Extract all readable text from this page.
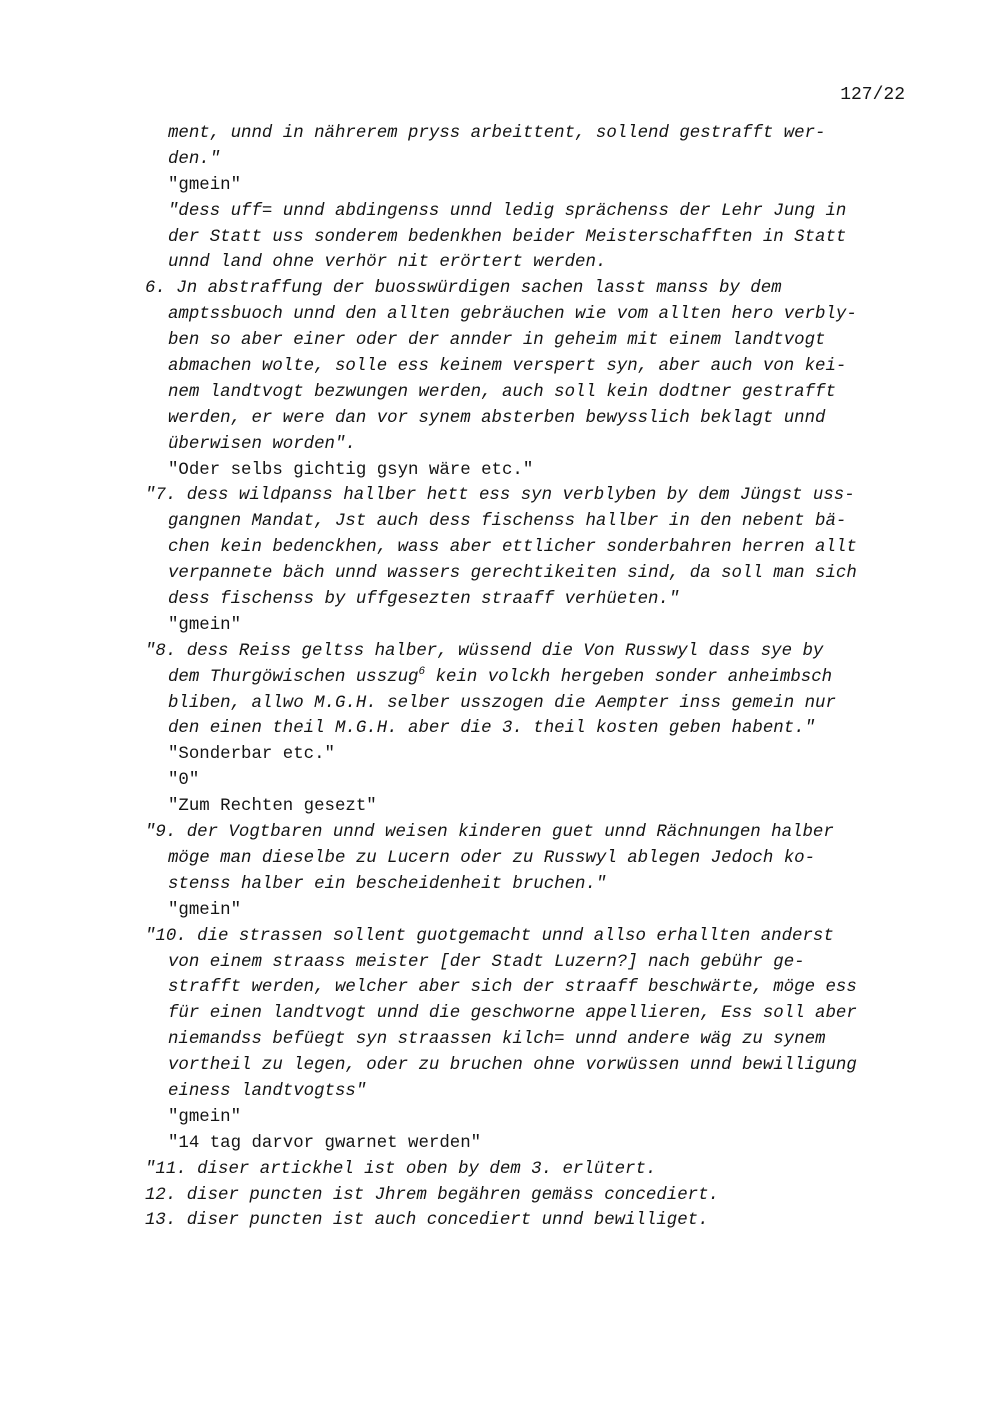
127/22
ment, unnd in nährerem pryss arbeittent, sollend gestrafft wer-
den."
"gmein"
"dess uff= unnd abdingenss unnd ledig sprächenss der Lehr Jung in
der Statt uss sonderem bedenkhen beider Meisterschafften in Statt
unnd land ohne verhör nit erörtert werden.
6. Jn abstraffung der buosswürdigen sachen lasst manss by dem
amptssbuoch unnd den allten gebräuchen wie vom allten hero verbly-
ben so aber einer oder der annder in geheim mit einem landtvogt
abmachen wolte, solle ess keinem verspert syn, aber auch von kei-
nem landtvogt bezwungen werden, auch soll kein dodtner gestrafft
werden, er were dan vor synem absterben bewysslich beklagt unnd
überwisen worden".
"Oder selbs gichtig gsyn wäre etc."
"7. dess wildpanss hallber hett ess syn verblyben by dem Jüngst uss-
gangnen Mandat, Jst auch dess fischenss hallber in den nebent bä-
chen kein bedenckhen, wass aber ettlicher sonderbahren herren allt
verpannete bäch unnd wassers gerechtikeiten sind, da soll man sich
dess fischenss by uffgesezten straaff verhüeten."
"gmein"
"8. dess Reiss geltss halber, wüssend die Von Russwyl dass sye by
dem Thurgöwischen usszug$^6$ kein volckh hergeben sonder anheimbsch
bliben, allwo M.G.H. selber usszogen die Aempter inss gemein nur
den einen theil M.G.H. aber die 3. theil kosten geben habent."
"Sonderbar etc."
"0"
"Zum Rechten gesezt"
"9. der Vogtbaren unnd weisen kinderen guet unnd Rächnungen halber
möge man dieselbe zu Lucern oder zu Russwyl ablegen Jedoch ko-
stenss halber ein bescheidenheit bruchen."
"gmein"
"10. die strassen sollent guotgemacht unnd allso erhallten anderst
von einem straass meister [der Stadt Luzern?] nach gebühr ge-
strafft werden, welcher aber sich der straaff beschwärte, möge ess
für einen landtvogt unnd die geschworne appellieren, Ess soll aber
niemandss befüegt syn straassen kilch= unnd andere wäg zu synem
vortheil zu legen, oder zu bruchen ohne vorwüssen unnd bewilligung
einess landtvogtss"
"gmein"
"14 tag darvor gwarnet werden"
"11. diser artickhel ist oben by dem 3. erlütert.
12. diser puncten ist Jhrem begähren gemäss concediert.
13. diser puncten ist auch concediert unnd bewilliget.
